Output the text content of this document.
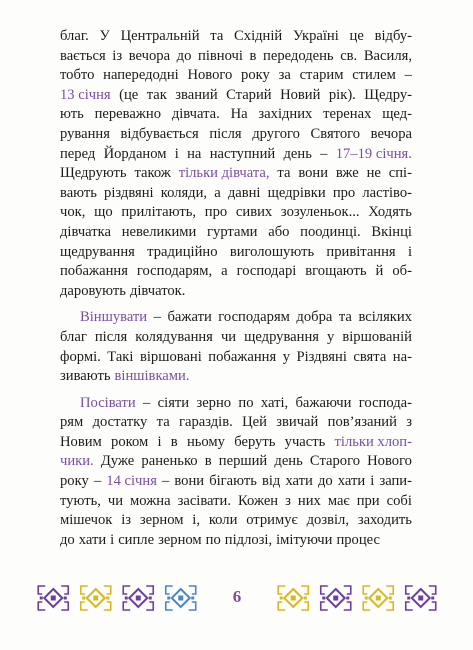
благ. У Центральній та Східній Україні це відбу-
вається із вечора до півночі в передодень св. Василя,
тобто напередодні Нового року за старим стилем –
13 січня (це так званий Старий Новий рік). Щедру-
ють переважно дівчата. На західних теренах щед-
рування відбувається після другого Святого вечора
перед Йорданом і на наступний день – 17–19 січня.
Щедрують також тільки дівчата, та вони вже не спі-
вають різдвяні коляди, а давні щедрівки про ластіво-
чок, що прилітають, про сивих зозуленьок... Ходять
дівчатка невеликими гуртами або поодинці. Вкінці
щедрування традиційно виголошують привітання і
побажання господарям, а господарі вгощають й об-
даровують дівчаток.
Віншувати – бажати господарям добра та всіляких
благ після колядування чи щедрування у віршованій
формі. Такі віршовані побажання у Різдвяні свята на-
зивають віншівками.
Посівати – сіяти зерно по хаті, бажаючи господа-
рям достатку та гараздів. Цей звичай пов’язаний з
Новим роком і в ньому беруть участь тільки хлоп-
чики. Дуже раненько в перший день Старого Нового
року – 14 січня – вони бігають від хати до хати і запи-
тують, чи можна засівати. Кожен з них має при собі
мішечок із зерном і, коли отримує дозвіл, заходить
до хати і сипле зерном по підлозі, імітуючи процес
6
